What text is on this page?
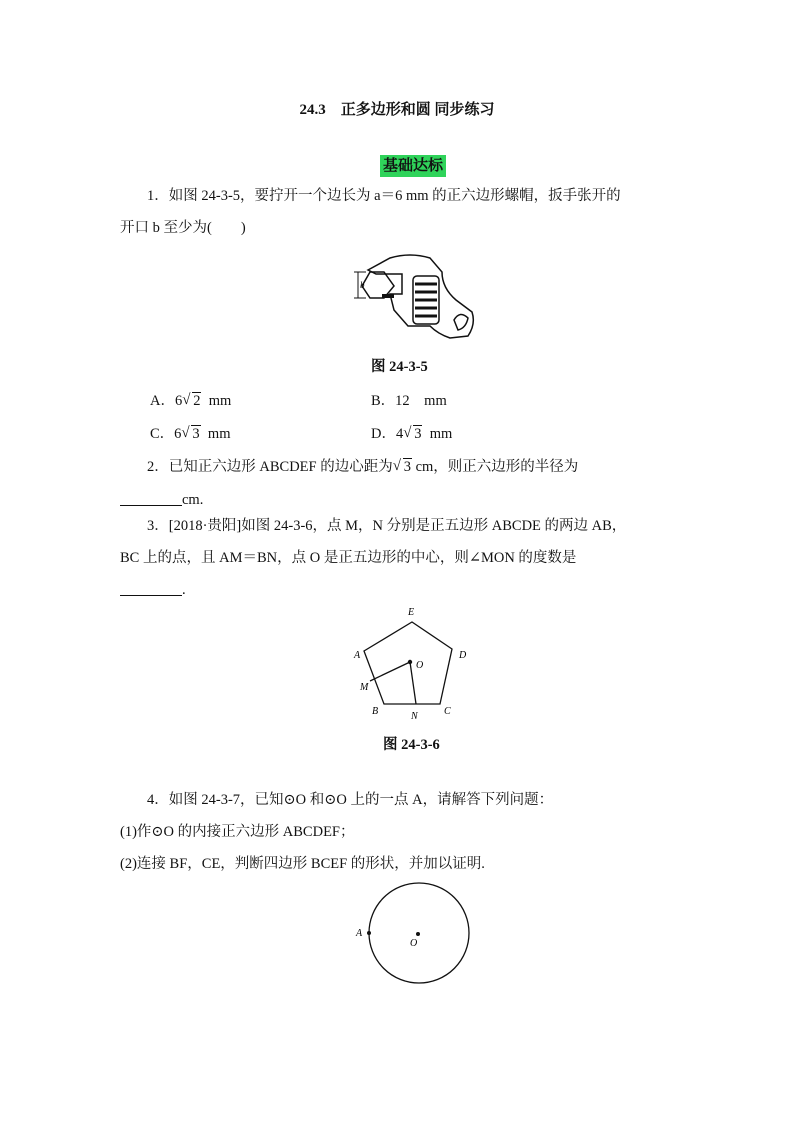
24.3　正多边形和圆 同步练习
基础达标
1．如图 24-3-5，要拧开一个边长为 a＝6 mm 的正六边形螺帽，扳手张开的
开口 b 至少为(　　)
b
图 24-3-5
A．6 √ 2 mm	B．12　mm
C．6 √ 3 mm	D．4 √ 3 mm
2．已知正六边形 ABCDEF 的边心距为 √ 3 cm，则正六边形的半径为
cm.
3．[2018·贵阳]如图 24-3-6，点 M，N 分别是正五边形 ABCDE 的两边 AB，
BC 上的点，且 AM＝BN，点 O 是正五边形的中心，则∠MON 的度数是
.
E
A	D
O
M
B	N	C
图 24-3-6
4．如图 24-3-7，已知⊙O 和⊙O 上的一点 A，请解答下列问题：
(1)作⊙O 的内接正六边形 ABCDEF；
(2)连接 BF，CE，判断四边形 BCEF 的形状，并加以证明.
A
O
